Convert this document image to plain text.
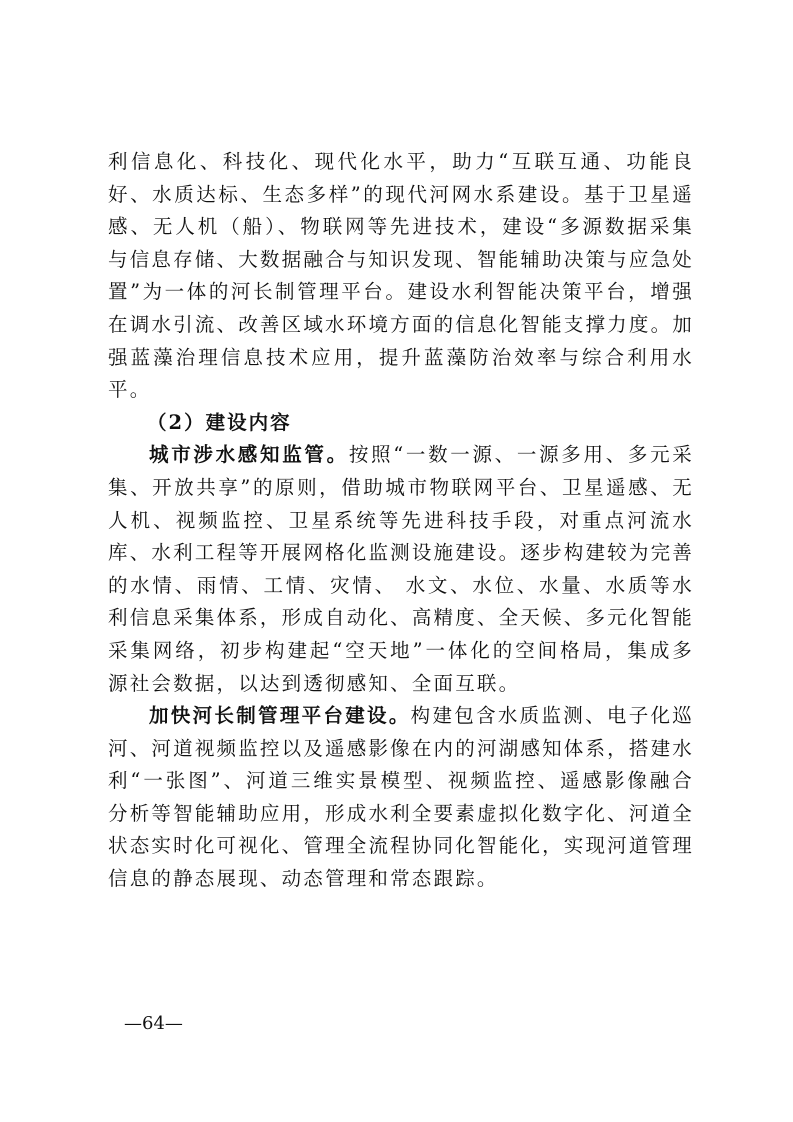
利信息化、科技化、现代化水平，助力“互联互通、功能良好、水质达标、生态多样”的现代河网水系建设。基于卫星遥感、无人机（船）、物联网等先进技术，建设“多源数据采集与信息存储、大数据融合与知识发现、智能辅助决策与应急处置”为一体的河长制管理平台。建设水利智能决策平台，增强在调水引流、改善区域水环境方面的信息化智能支撑力度。加强蓝藻治理信息技术应用，提升蓝藻防治效率与综合利用水平。

（2）建设内容

城市涉水感知监管。按照“一数一源、一源多用、多元采集、开放共享”的原则，借助城市物联网平台、卫星遥感、无人机、视频监控、卫星系统等先进科技手段，对重点河流水库、水利工程等开展网格化监测设施建设。逐步构建较为完善的水情、雨情、工情、灾情、 水文、水位、水量、水质等水利信息采集体系，形成自动化、高精度、全天候、多元化智能采集网络，初步构建起“空天地”一体化的空间格局，集成多源社会数据，以达到透彻感知、全面互联。

加快河长制管理平台建设。构建包含水质监测、电子化巡河、河道视频监控以及遥感影像在内的河湖感知体系，搭建水利“一张图”、河道三维实景模型、视频监控、遥感影像融合分析等智能辅助应用，形成水利全要素虚拟化数字化、河道全状态实时化可视化、管理全流程协同化智能化，实现河道管理信息的静态展现、动态管理和常态跟踪。

—64—
